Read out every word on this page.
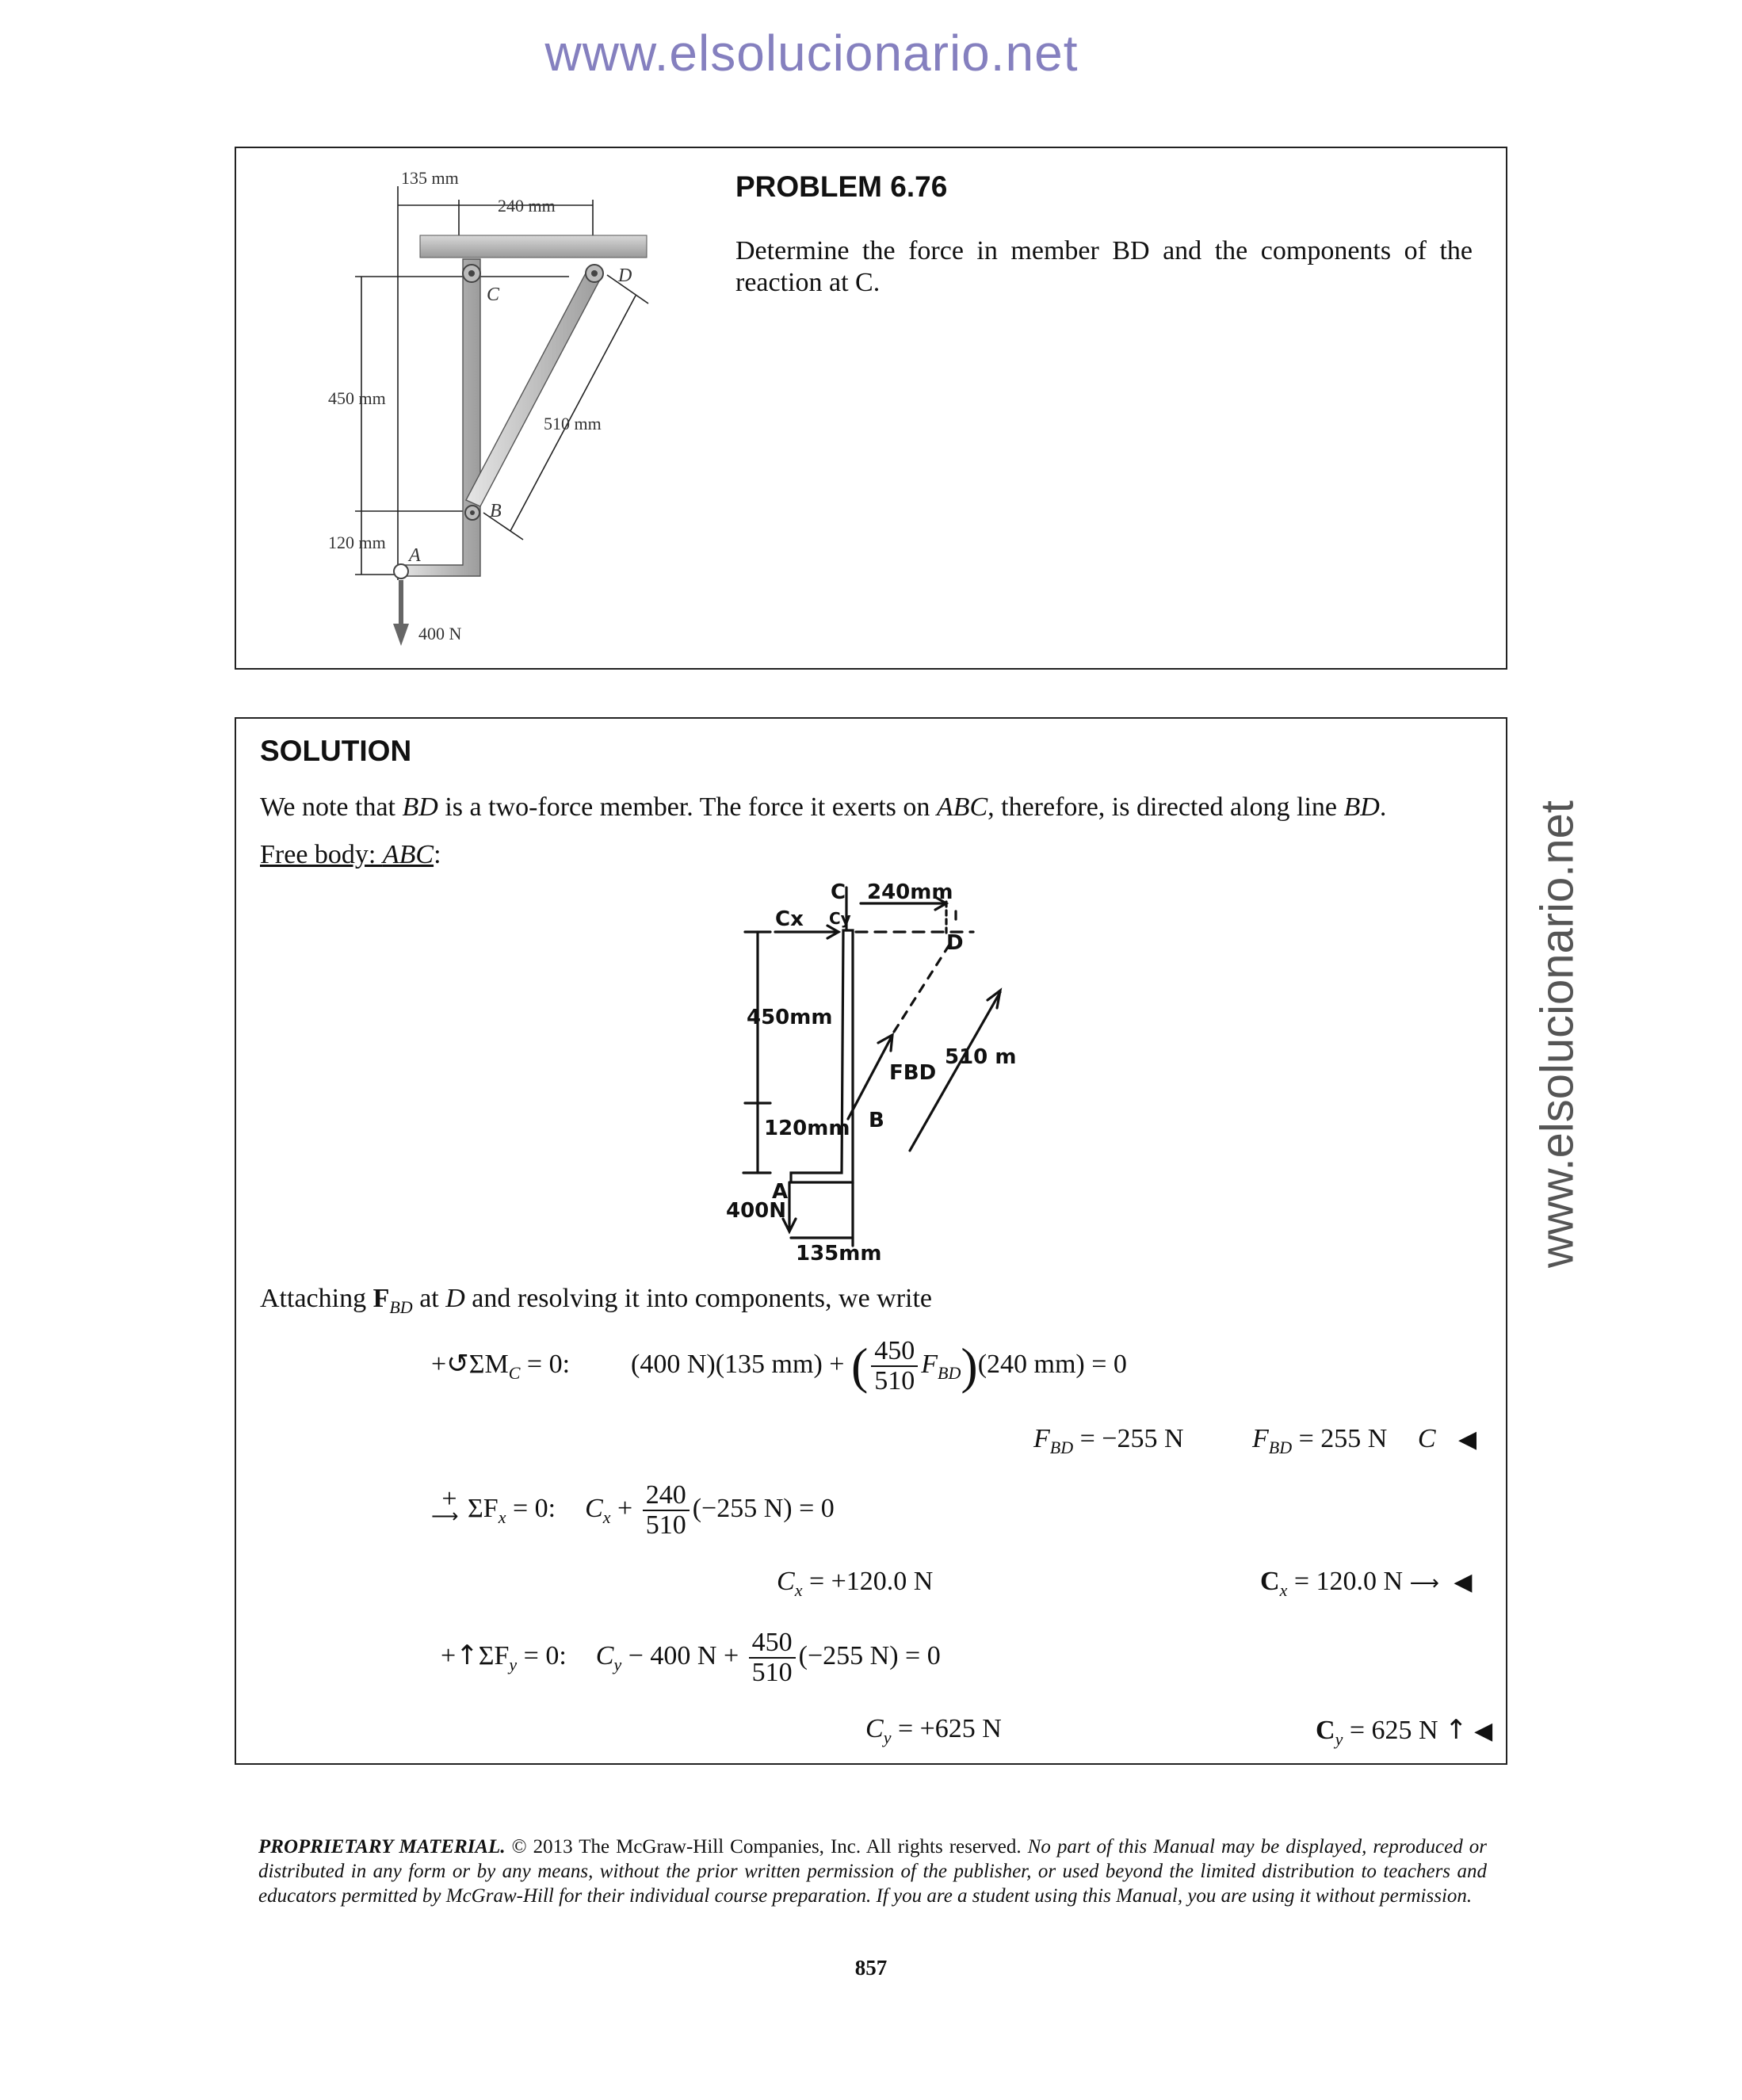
www.elsolucionario.net
www.elsolucionario.net
135 mm
240 mm
450 mm
510 mm
120 mm
400 N
A
B
C
D
PROBLEM 6.76
Determine the force in member BD and the components of the reaction at C.
SOLUTION
We note that BD is a two-force member. The force it exerts on ABC, therefore, is directed along line BD.
Free body: ABC:
C
Cy
240mm
D
Cx
450mm
FBD
510 m
120mm B
A
400N
135mm
Attaching $F_{BD}$ at D and resolving it into components, we write
$+↺\Sigma M_C = 0$: (400 N)(135 mm) + ( $\frac{450}{510} F_{BD})(240$ mm) = 0
$F_{BD} = -255$ N	$F_{BD} = 255$ N C ◀
+
⟶ $\Sigma F_x = 0$: $C_x + \frac{240}{510} (-255$ N) = 0
$C_x = +120.0$ N	$C_x = 120.0$ N ⟶ ◀
$+↑\Sigma F_y = 0$: $C_y - 400$ $N + \frac{450}{510} (-255$ N) = 0
$C_y = +625$ N	$C_y = 625$ N ↑ ◀
PROPRIETARY MATERIAL. © 2013 The McGraw-Hill Companies, Inc. All rights reserved. No part of this Manual may be displayed, reproduced or distributed in any form or by any means, without the prior written permission of the publisher, or used beyond the limited distribution to teachers and educators permitted by McGraw-Hill for their individual course preparation. If you are a student using this Manual, you are using it without permission.
857
